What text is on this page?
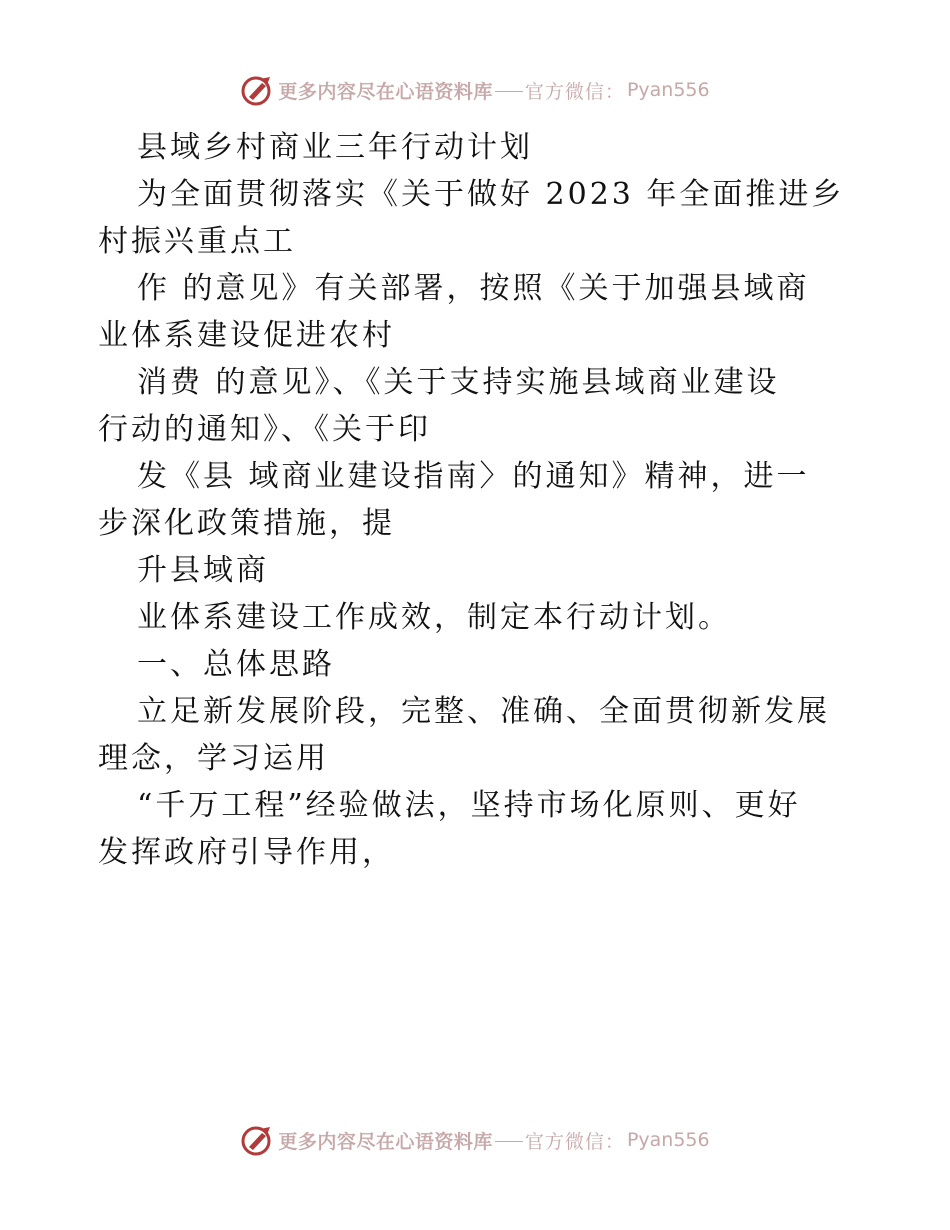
更多内容尽在心语资料库 官方微信： Pyan556

县域乡村商业三年行动计划

为全面贯彻落实《关于做好 2023 年全面推进乡

村振兴重点工

作 的意见》有关部署，按照《关于加强县域商

业体系建设促进农村

消费 的意见》、《关于支持实施县域商业建设

行动的通知》、《关于印

发《县 域商业建设指南〉的通知》精神，进一

步深化政策措施，提

升县域商

业体系建设工作成效，制定本行动计划。

一、总体思路

立足新发展阶段，完整、准确、全面贯彻新发展

理念，学习运用

“千万工程”经验做法，坚持市场化原则、更好

发挥政府引导作用，

更多内容尽在心语资料库 官方微信： Pyan556
